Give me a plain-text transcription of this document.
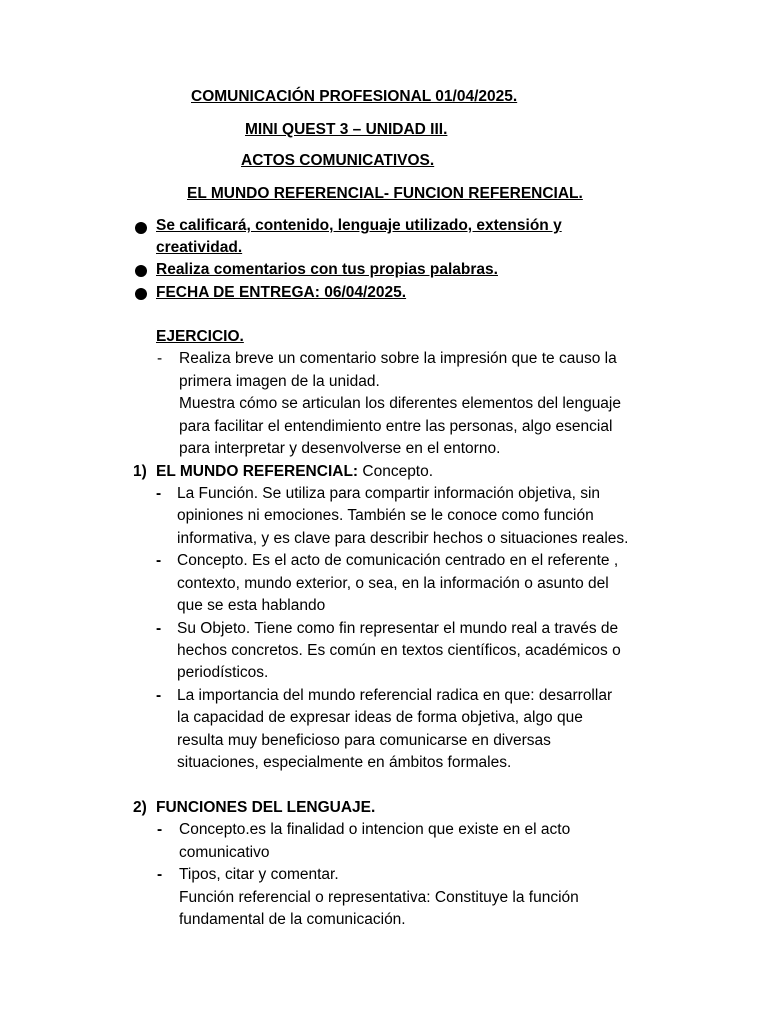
COMUNICACIÓN PROFESIONAL 01/04/2025.
MINI QUEST 3 – UNIDAD III.
ACTOS COMUNICATIVOS.
EL MUNDO REFERENCIAL- FUNCION REFERENCIAL.
Se calificará, contenido, lenguaje utilizado, extensión y
creatividad.
Realiza comentarios con tus propias palabras.
FECHA DE ENTREGA: 06/04/2025.
EJERCICIO.
- Realiza breve un comentario sobre la impresión que te causo la
primera imagen de la unidad.
Muestra cómo se articulan los diferentes elementos del lenguaje
para facilitar el entendimiento entre las personas, algo esencial
para interpretar y desenvolverse en el entorno.
1) EL MUNDO REFERENCIAL: Concepto.
- La Función. Se utiliza para compartir información objetiva, sin
opiniones ni emociones. También se le conoce como función
informativa, y es clave para describir hechos o situaciones reales.
- Concepto. Es el acto de comunicación centrado en el referente ,
contexto, mundo exterior, o sea, en la información o asunto del
que se esta hablando
- Su Objeto. Tiene como fin representar el mundo real a través de
hechos concretos. Es común en textos científicos, académicos o
periodísticos.
- La importancia del mundo referencial radica en que: desarrollar
la capacidad de expresar ideas de forma objetiva, algo que
resulta muy beneficioso para comunicarse en diversas
situaciones, especialmente en ámbitos formales.
2) FUNCIONES DEL LENGUAJE.
- Concepto.es la finalidad o intencion que existe en el acto
comunicativo
- Tipos, citar y comentar.
Función referencial o representativa: Constituye la función
fundamental de la comunicación.
